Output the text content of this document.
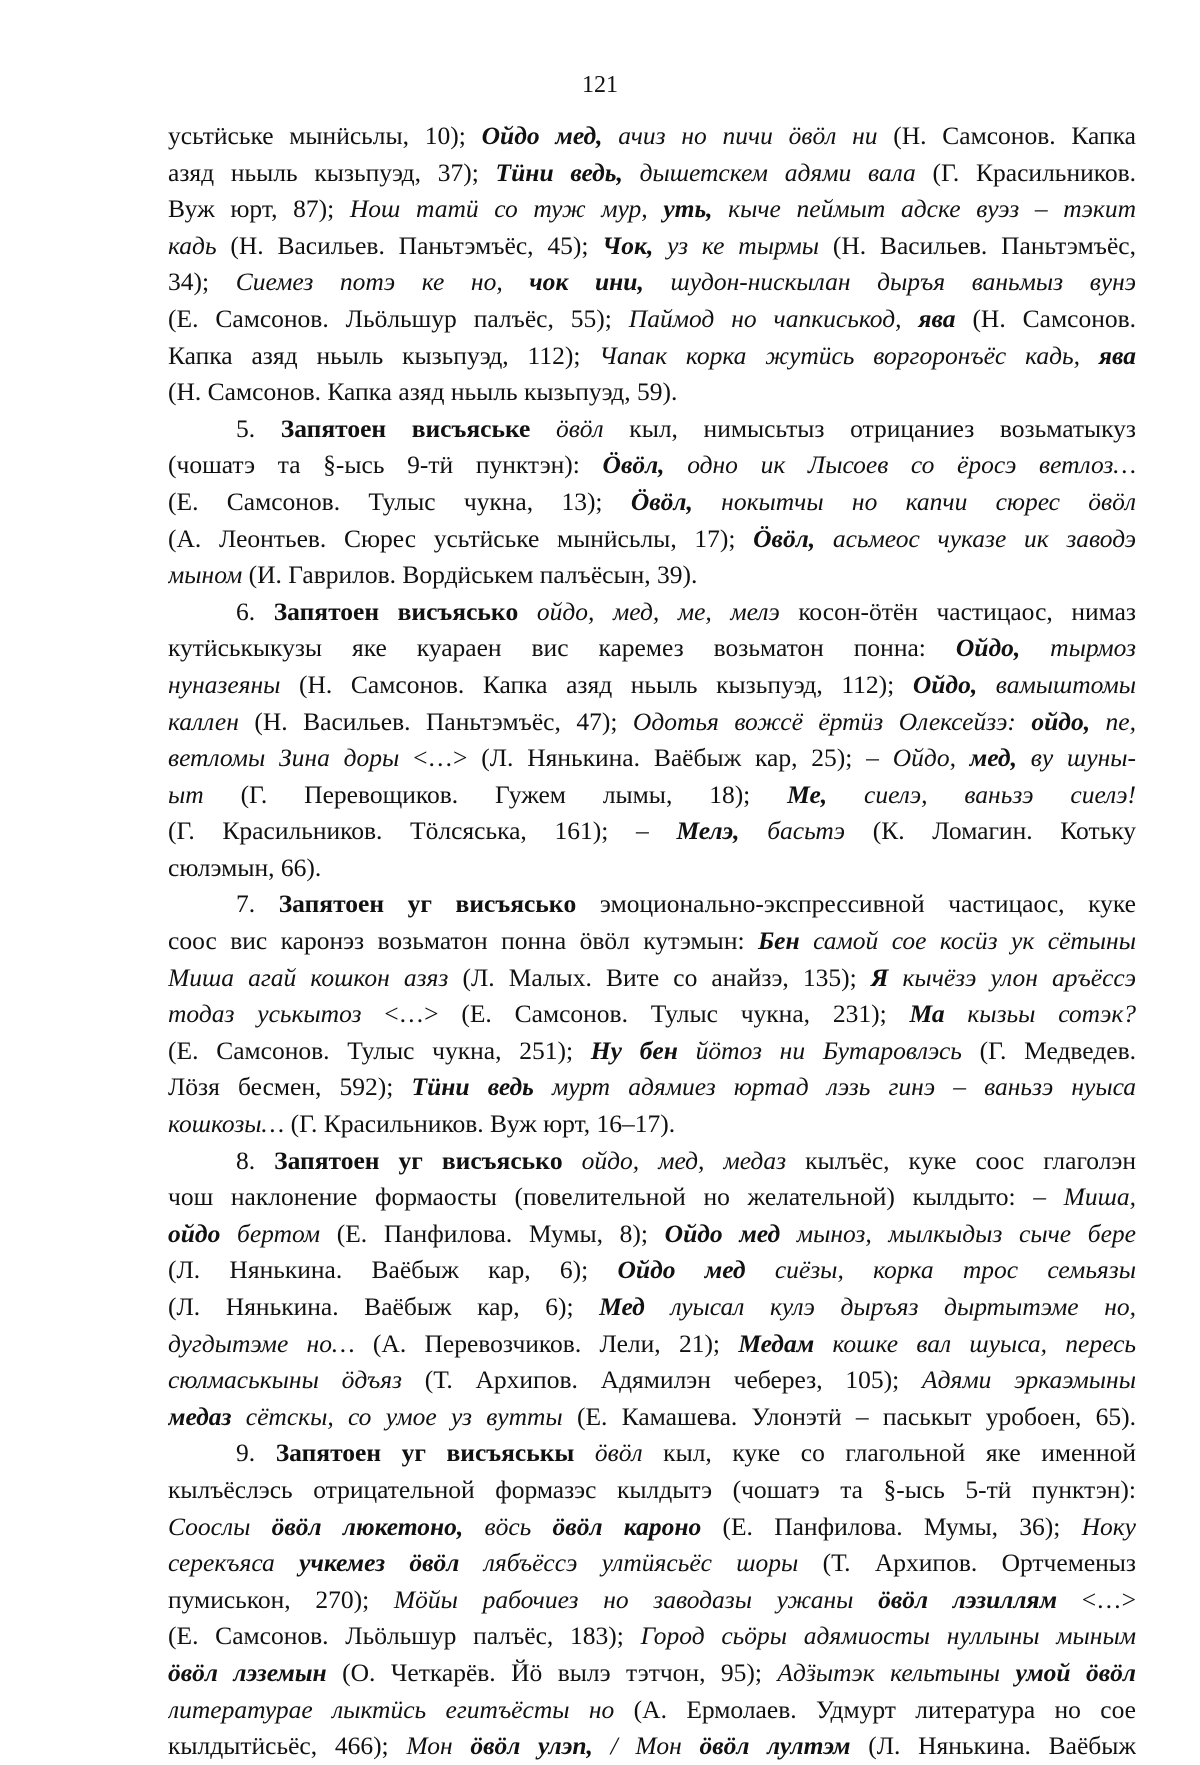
121
усьтӥське мынӥсьлы, 10); Ойдо мед, ачиз но пичи ӧвӧл ни (Н. Самсонов. Капка
азяд ньыль кызьпуэд, 37); Тӥни ведь, дышетскем адями вала (Г. Красильников.
Вуж юрт, 87); Нош татӥ со туж мур, уть, кыче пеймыт адске вуэз – тэкит
кадь (Н. Васильев. Паньтэмъёс, 45); Чок, уз ке тырмы (Н. Васильев. Паньтэмъёс,
34); Сиемез потэ ке но, чок ини, шудон-нискылан дыръя ваньмыз вунэ
(Е. Самсонов. Льӧльшур палъёс, 55); Паймод но чапкиськод, ява (Н. Самсонов.
Капка азяд ньыль кызьпуэд, 112); Чапак корка жутӥсь воргоронъёс кадь, ява
(Н. Самсонов. Капка азяд ньыль кызьпуэд, 59).
5. Запятоен висъяське ӧвӧл кыл, нимысьтыз отрицаниез возьматыкуз
(чошатэ та §-ысь 9-тӥ пунктэн): Ӧвӧл, одно ик Лысоев со ёросэ ветлоз…
(Е. Самсонов. Тулыс чукна, 13); Ӧвӧл, нокытчы но капчи сюрес ӧвӧл
(А. Леонтьев. Сюрес усьтӥське мынӥсьлы, 17); Ӧвӧл, асьмеос чуказе ик заводэ
мыном (И. Гаврилов. Вордӥськем палъёсын, 39).
6. Запятоен висъяськo ойдо, мед, ме, мелэ косон-ӧтён частицаос, нимаз
кутӥськыкузы яке куараен вис каремез возьматон понна: Ойдо, тырмоз
нуназеяны (Н. Самсонов. Капка азяд ньыль кызьпуэд, 112); Ойдо, вамыштомы
каллен (Н. Васильев. Паньтэмъёс, 47); Одотья вожсё ёртӥз Олексейзэ: ойдо, пе,
ветломы Зина доры <…> (Л. Нянькина. Ваёбыж кар, 25); – Ойдо, мед, ву шуны-
ыт (Г. Перевощиков. Гужем лымы, 18); Ме, сиелэ, ваньзэ сиелэ!
(Г. Красильников. Тӧлсяська, 161); – Мелэ, басьтэ (К. Ломагин. Котьку
сюлэмын, 66).
7. Запятоен уг висъяськo эмоционально-экспрессивной частицаос, куке
соос вис каронэз возьматон понна ӧвӧл кутэмын: Бен самой сое косӥз ук сётыны
Миша агай кошкон азяз (Л. Малых. Вите со анайзэ, 135); Я кычёзэ улон аръёссэ
тодаз уськытоз <…> (Е. Самсонов. Тулыс чукна, 231); Ма кызьы сотэк?
(Е. Самсонов. Тулыс чукна, 251); Ну бен йӧтоз ни Бутаровлэсь (Г. Медведев.
Лӧзя бесмен, 592); Тӥни ведь мурт адямиез юртад лэзь гинэ – ваньзэ нуыса
кошкозы… (Г. Красильников. Вуж юрт, 16–17).
8. Запятоен уг висъяськo ойдо, мед, медаз кылъёс, куке соос глаголэн
чош наклонение формаосты (повелительной но желательной) кылдыто: – Миша,
ойдо бертом (Е. Панфилова. Мумы, 8); Ойдо мед мыноз, мылкыдыз сыче бере
(Л. Нянькина. Ваёбыж кар, 6); Ойдо мед сиёзы, корка трос семьязы
(Л. Нянькина. Ваёбыж кар, 6); Мед луысал кулэ дыръяз дыртытэме но,
дугдытэме но… (А. Перевозчиков. Лели, 21); Медам кошке вал шуыса, пересь
сюлмаськыны ӧдъяз (Т. Архипов. Адямилэн чеберез, 105); Адями эркаэмыны
медаз сётскы, со умое уз вутты (Е. Камашева. Улонэтӥ – паськыт уробоен, 65).
9. Запятоен уг висъяськы ӧвӧл кыл, куке со глагольной яке именной
кылъёслэсь отрицательной формазэс кылдытэ (чошатэ та §-ысь 5-тӥ пунктэн):
Сооcлы ӧвӧл люкетоно, вӧсь ӧвӧл кароно (Е. Панфилова. Мумы, 36); Ноку
серекъяса учкемез ӧвӧл лябъёссэ ултӥясьёс шоры (Т. Архипов. Ортчеменыз
пумиськон, 270); Мӧйы рабочиез но заводазы ужаны ӧвӧл лэзиллям <…>
(Е. Самсонов. Льӧльшур палъёс, 183); Город сьӧры адямиосты нуллыны мыным
ӧвӧл лэземын (О. Четкарёв. Йӧ вылэ тэтчон, 95); Адӟытэк кельтыны умой ӧвӧл
литературае лыктӥсь егитъёсты но (А. Ермолаев. Удмурт литература но сое
кылдытӥсьёс, 466); Мон ӧвӧл улэп, / Мон ӧвӧл лултэм (Л. Нянькина. Ваёбыж
